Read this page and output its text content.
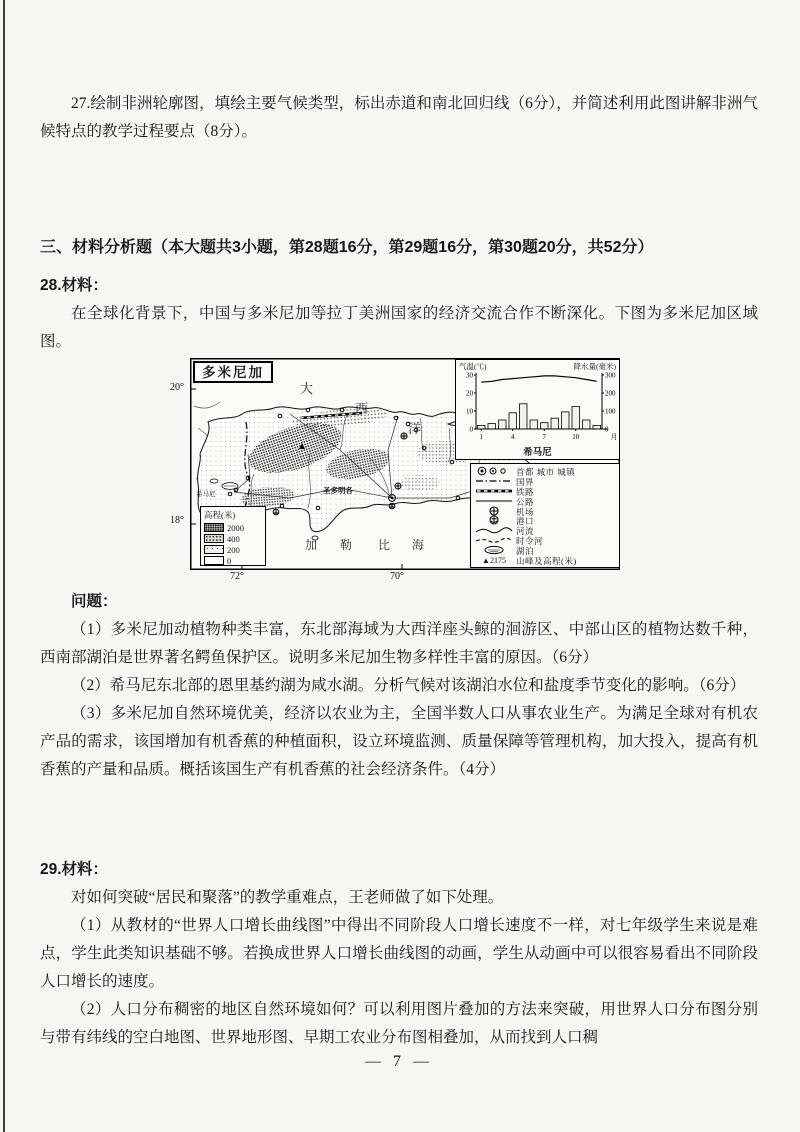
27.绘制非洲轮廓图，填绘主要气候类型，标出赤道和南北回归线（6分），并简述利用此图讲解非洲气候特点的教学过程要点（8分）。

三、材料分析题（本大题共3小题，第28题16分，第29题16分，第30题20分，共52分）

28.材料：

在全球化背景下，中国与多米尼加等拉丁美洲国家的经济交流合作不断深化。下图为多米尼加区域图。

多米尼加
大
西
洋
加 勒 比 海
20°
18°
72°	70°
希马尼	圣多明各
气温(℃)	降水量(毫米)
0
10
20
30
0
100
200
300
1	4	7	10	月
希马尼
首都 城市 城镇
国界
铁路
公路
机场
港口
河流
时令河
湖泊
▲2175	山峰及高程(米)
高程(米)
2000
400
200
0

问题：

（1）多米尼加动植物种类丰富，东北部海域为大西洋座头鲸的洄游区、中部山区的植物达数千种，西南部湖泊是世界著名鳄鱼保护区。说明多米尼加生物多样性丰富的原因。（6分）

（2）希马尼东北部的恩里基约湖为咸水湖。分析气候对该湖泊水位和盐度季节变化的影响。（6分）

（3）多米尼加自然环境优美，经济以农业为主，全国半数人口从事农业生产。为满足全球对有机农产品的需求，该国增加有机香蕉的种植面积，设立环境监测、质量保障等管理机构，加大投入，提高有机香蕉的产量和品质。概括该国生产有机香蕉的社会经济条件。（4分）

29.材料：

对如何突破“居民和聚落”的教学重难点，王老师做了如下处理。

（1）从教材的“世界人口增长曲线图”中得出不同阶段人口增长速度不一样，对七年级学生来说是难点，学生此类知识基础不够。若换成世界人口增长曲线图的动画，学生从动画中可以很容易看出不同阶段人口增长的速度。

（2）人口分布稠密的地区自然环境如何？可以利用图片叠加的方法来突破，用世界人口分布图分别与带有纬线的空白地图、世界地形图、早期工农业分布图相叠加，从而找到人口稠

— 7 —
